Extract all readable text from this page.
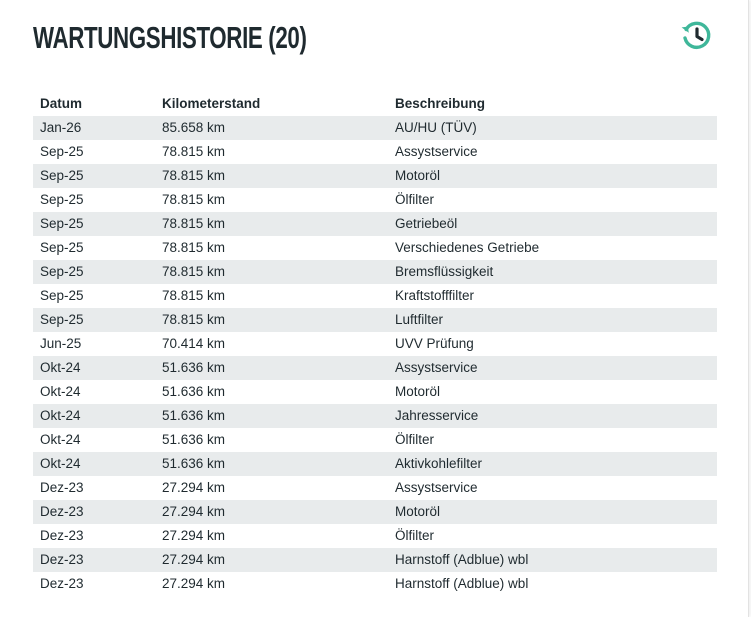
WARTUNGSHISTORIE (20)
Datum	Kilometerstand	Beschreibung
Jan-26	85.658 km	AU/HU (TÜV)
Sep-25	78.815 km	Assystservice
Sep-25	78.815 km	Motoröl
Sep-25	78.815 km	Ölfilter
Sep-25	78.815 km	Getriebeöl
Sep-25	78.815 km	Verschiedenes Getriebe
Sep-25	78.815 km	Bremsflüssigkeit
Sep-25	78.815 km	Kraftstofffilter
Sep-25	78.815 km	Luftfilter
Jun-25	70.414 km	UVV Prüfung
Okt-24	51.636 km	Assystservice
Okt-24	51.636 km	Motoröl
Okt-24	51.636 km	Jahresservice
Okt-24	51.636 km	Ölfilter
Okt-24	51.636 km	Aktivkohlefilter
Dez-23	27.294 km	Assystservice
Dez-23	27.294 km	Motoröl
Dez-23	27.294 km	Ölfilter
Dez-23	27.294 km	Harnstoff (Adblue) wbl
Dez-23	27.294 km	Harnstoff (Adblue) wbl
